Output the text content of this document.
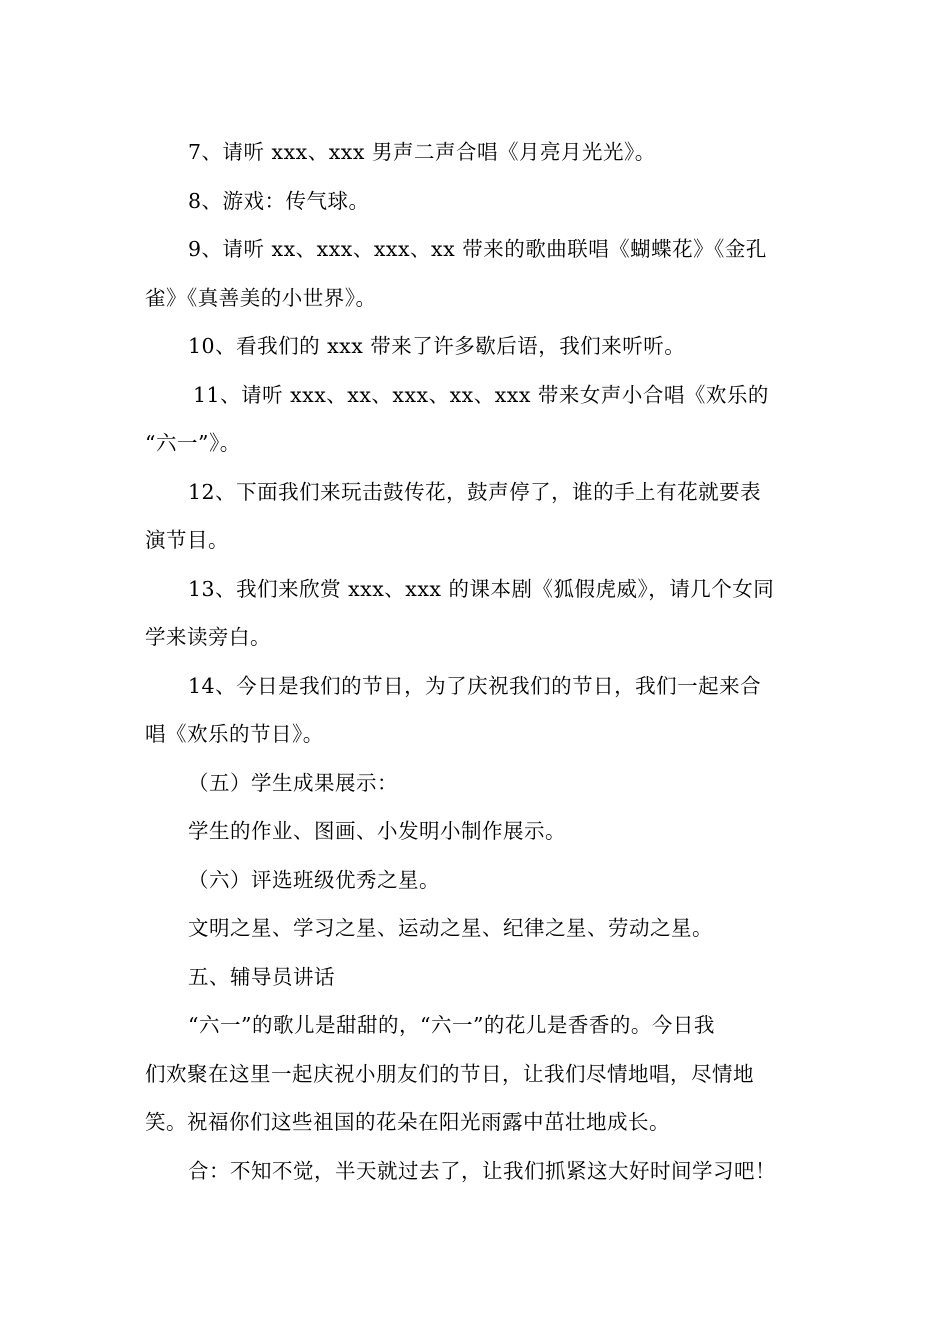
7、请听 xxx、xxx 男声二声合唱《月亮月光光》。

8、游戏：传气球。

9、请听 xx、xxx、xxx、xx 带来的歌曲联唱《蝴蝶花》《金孔

雀》《真善美的小世界》。

10、看我们的 xxx 带来了许多歇后语，我们来听听。

11、请听 xxx、xx、xxx、xx、xxx 带来女声小合唱《欢乐的

“六一”》。

12、下面我们来玩击鼓传花，鼓声停了，谁的手上有花就要表

演节目。

13、我们来欣赏 xxx、xxx 的课本剧《狐假虎威》，请几个女同

学来读旁白。

14、今日是我们的节日，为了庆祝我们的节日，我们一起来合

唱《欢乐的节日》。

（五）学生成果展示：

学生的作业、图画、小发明小制作展示。

（六）评选班级优秀之星。

文明之星、学习之星、运动之星、纪律之星、劳动之星。

五、辅导员讲话

“六一”的歌儿是甜甜的，“六一”的花儿是香香的。今日我

们欢聚在这里一起庆祝小朋友们的节日，让我们尽情地唱，尽情地

笑。祝福你们这些祖国的花朵在阳光雨露中茁壮地成长。

合：不知不觉，半天就过去了，让我们抓紧这大好时间学习吧！
